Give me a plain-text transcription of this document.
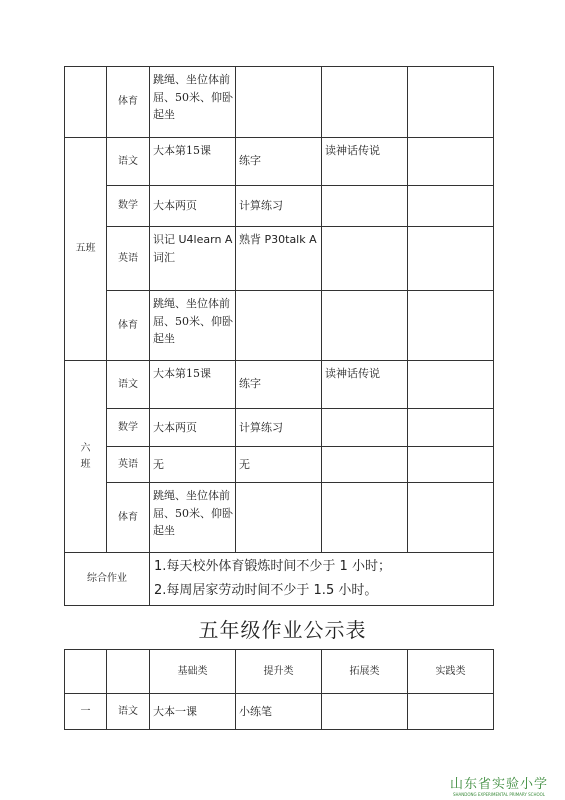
	体育	跳绳、坐位体前屈、50米、仰卧起坐			
五班	语文	大本第15课	练字	读神话传说	
	数学	大本两页	计算练习		
	英语	识记 U4learn A 词汇	熟背 P30talk A		
	体育	跳绳、坐位体前屈、50米、仰卧起坐			
六班	语文	大本第15课	练字	读神话传说	
	数学	大本两页	计算练习		
	英语	无	无		
	体育	跳绳、坐位体前屈、50米、仰卧起坐			
综合作业		1.每天校外体育锻炼时间不少于 1 小时；
2.每周居家劳动时间不少于 1.5 小时。			
五年级作业公示表
		基础类	提升类	拓展类	实践类
一	语文	大本一课	小练笔		
山东省实验小学
SHANDONG EXPERIMENTAL PRIMARY SCHOOL
